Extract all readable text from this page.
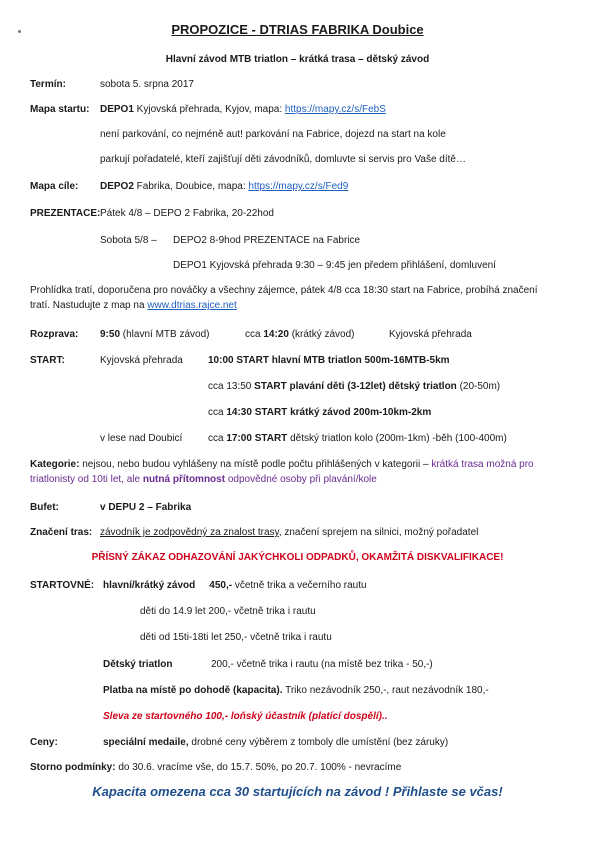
PROPOZICE - DTRIAS FABRIKA Doubice
Hlavní závod MTB triatlon – krátká trasa – dětský závod
Termín:	sobota 5. srpna 2017
Mapa startu: DEPO1 Kyjovská přehrada, Kyjov, mapa: https://mapy.cz/s/FebS
není parkování, co nejméně aut! parkování na Fabrice, dojezd na start na kole
parkují pořadatelé, kteří zajišťují děti závodníků, domluvte si servis pro Vaše dítě…
Mapa cíle: DEPO2 Fabrika, Doubice, mapa: https://mapy.cz/s/Fed9
PREZENTACE: Pátek 4/8 – DEPO 2 Fabrika, 20-22hod
Sobota 5/8 – DEPO2 8-9hod PREZENTACE na Fabrice
DEPO1 Kyjovská přehrada 9:30 – 9:45 jen předem přihlášení, domluvení
Prohlídka tratí, doporučena pro nováčky a všechny zájemce, pátek 4/8 cca 18:30 start na Fabrice, probíhá značení
tratí. Nastudujte z map na www.dtrias.rajce.net
Rozprava: 9:50 (hlavní MTB závod)	cca 14:20 (krátký závod)	Kyjovská přehrada
START:	Kyjovská přehrada	10:00 START hlavní MTB triatlon 500m-16MTB-5km
cca 13:50 START plavání děti (3-12let) dětský triatlon (20-50m)
cca 14:30 START krátký závod 200m-10km-2km
v lese nad Doubicí	cca 17:00 START dětský triatlon kolo (200m-1km) -běh (100-400m)
Kategorie: nejsou, nebo budou vyhlášeny na místě podle počtu přihlášených v kategorii – krátká trasa možná pro
triatlonisty od 10ti let, ale nutná přítomnost odpovědné osoby při plavání/kole
Bufet:	v DEPU 2 – Fabrika
Značení tras: závodník je zodpovědný za znalost trasy, značení sprejem na silnici, možný pořadatel
PŘÍSNÝ ZÁKAZ ODHAZOVÁNÍ JAKÝCHKOLI ODPADKŮ, OKAMŽITÁ DISKVALIFIKACE!
STARTOVNÉ: hlavní/krátký závod 450,- včetně trika a večerního rautu
děti do 14.9 let 200,- včetně trika i rautu
děti od 15ti-18ti let 250,- včetně trika i rautu
Dětský triatlon	200,- včetně trika i rautu (na místě bez trika - 50,-)
Platba na místě po dohodě (kapacita). Triko nezávodník 250,-, raut nezávodník 180,-
Sleva ze startovného 100,- loňský účastník (platící dospělí)..
Ceny:	speciální medaile, drobné ceny výběrem z tomboly dle umístění (bez záruky)
Storno podmínky: do 30.6. vracíme vše, do 15.7. 50%, po 20.7. 100% - nevracíme
Kapacita omezena cca 30 startujících na závod ! Přihlaste se včas!
